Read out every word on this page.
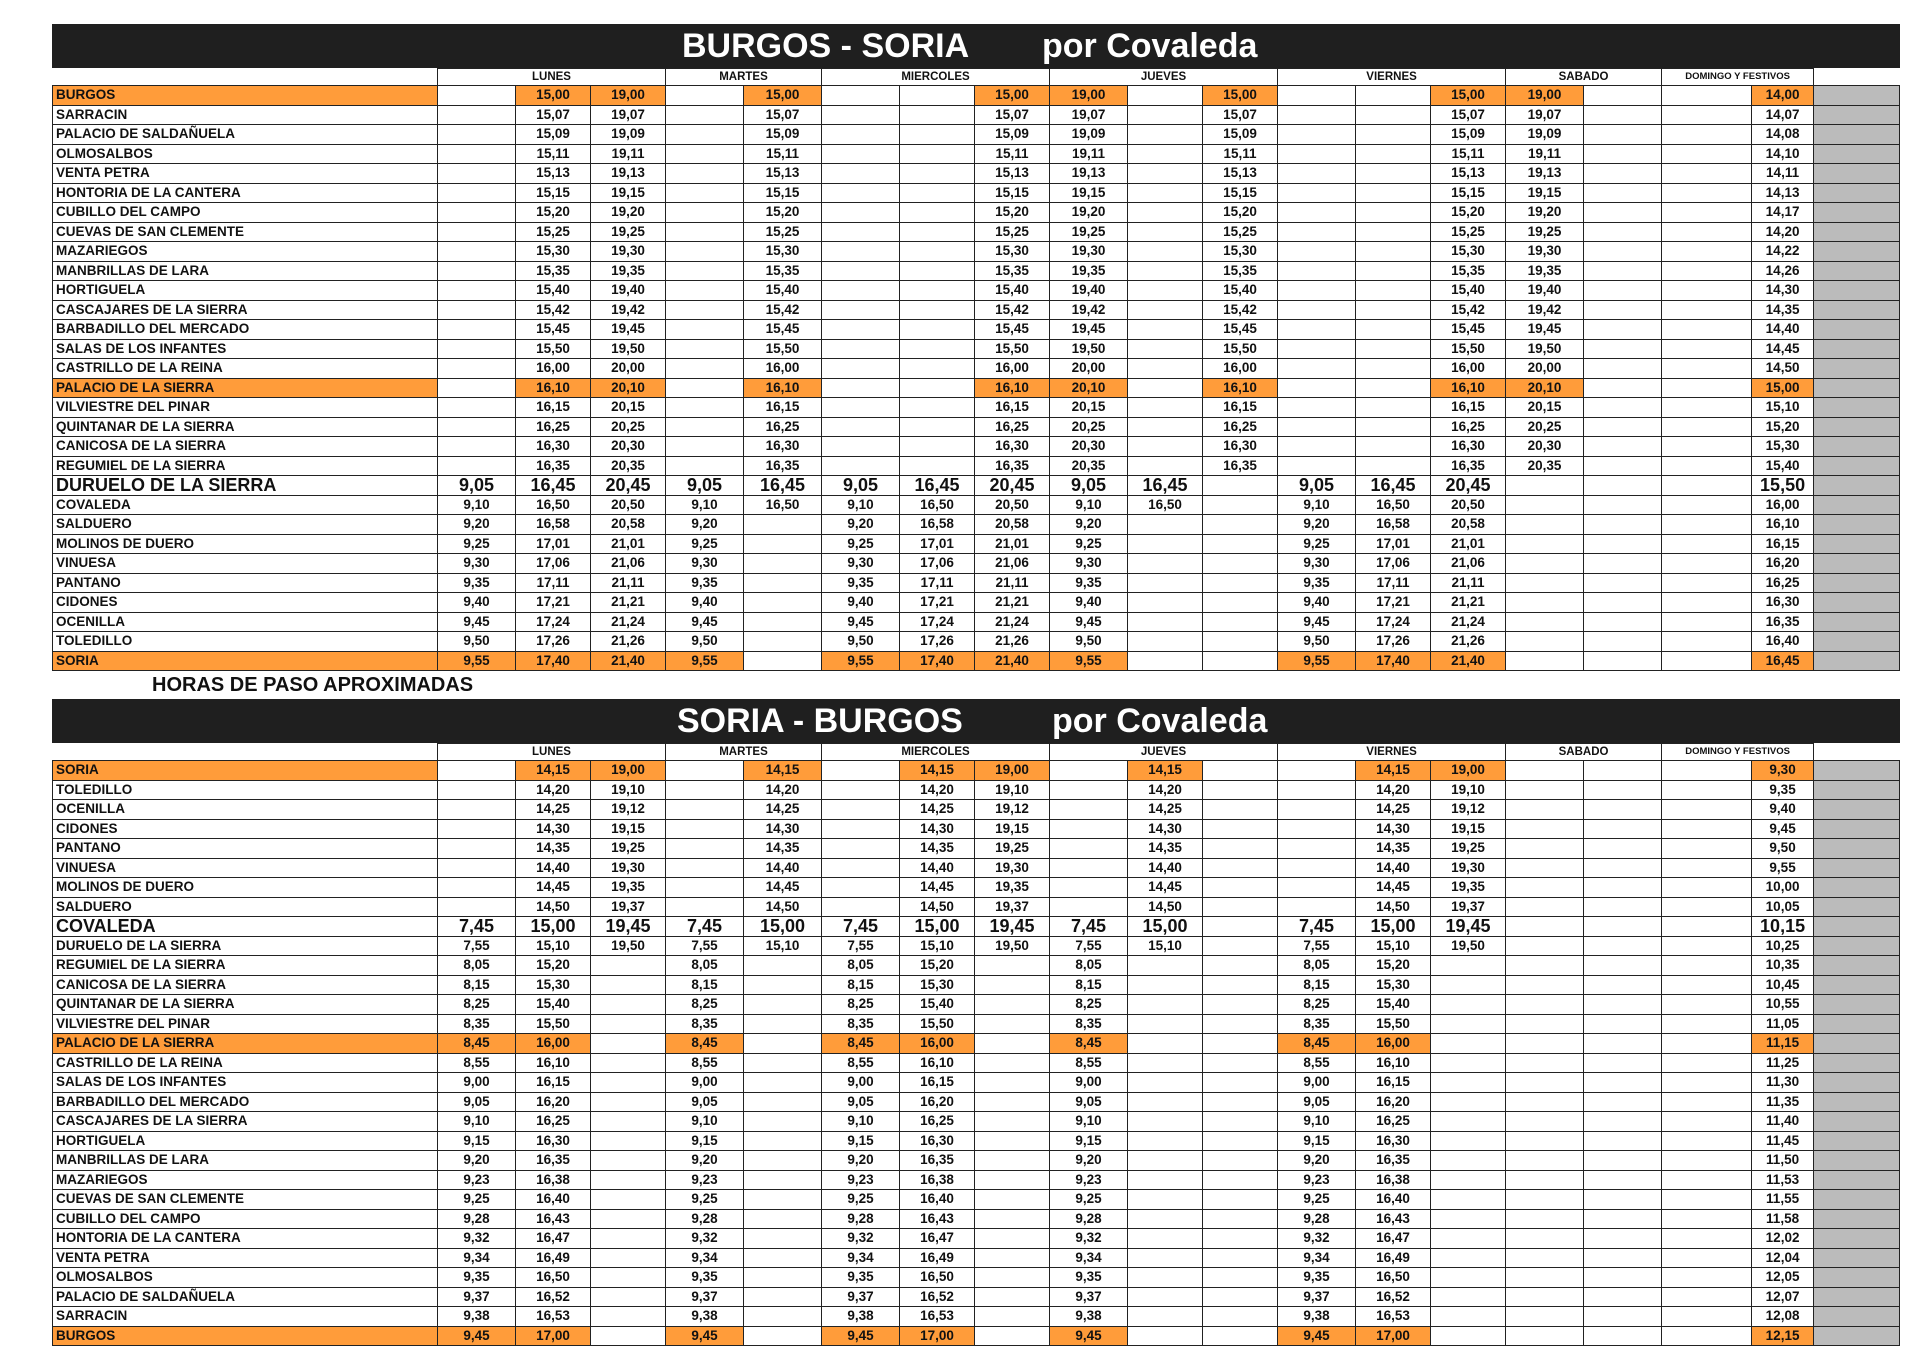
BURGOS - SORIA por Covaleda
	LUNES			MARTES		MIERCOLES			JUEVES			VIERNES			SABADO		DOMINGO Y FESTIVOS		
BURGOS		15,00	19,00		15,00			15,00	19,00		15,00			15,00	19,00			14,00	
SARRACIN		15,07	19,07		15,07			15,07	19,07		15,07			15,07	19,07			14,07	
PALACIO DE SALDAÑUELA		15,09	19,09		15,09			15,09	19,09		15,09			15,09	19,09			14,08	
OLMOSALBOS		15,11	19,11		15,11			15,11	19,11		15,11			15,11	19,11			14,10	
VENTA PETRA		15,13	19,13		15,13			15,13	19,13		15,13			15,13	19,13			14,11	
HONTORIA DE LA CANTERA		15,15	19,15		15,15			15,15	19,15		15,15			15,15	19,15			14,13	
CUBILLO DEL CAMPO		15,20	19,20		15,20			15,20	19,20		15,20			15,20	19,20			14,17	
CUEVAS DE SAN CLEMENTE		15,25	19,25		15,25			15,25	19,25		15,25			15,25	19,25			14,20	
MAZARIEGOS		15,30	19,30		15,30			15,30	19,30		15,30			15,30	19,30			14,22	
MANBRILLAS DE LARA		15,35	19,35		15,35			15,35	19,35		15,35			15,35	19,35			14,26	
HORTIGUELA		15,40	19,40		15,40			15,40	19,40		15,40			15,40	19,40			14,30	
CASCAJARES DE LA SIERRA		15,42	19,42		15,42			15,42	19,42		15,42			15,42	19,42			14,35	
BARBADILLO DEL MERCADO		15,45	19,45		15,45			15,45	19,45		15,45			15,45	19,45			14,40	
SALAS DE LOS INFANTES		15,50	19,50		15,50			15,50	19,50		15,50			15,50	19,50			14,45	
CASTRILLO DE LA REINA		16,00	20,00		16,00			16,00	20,00		16,00			16,00	20,00			14,50	
PALACIO DE LA SIERRA		16,10	20,10		16,10			16,10	20,10		16,10			16,10	20,10			15,00	
VILVIESTRE DEL PINAR		16,15	20,15		16,15			16,15	20,15		16,15			16,15	20,15			15,10	
QUINTANAR DE LA SIERRA		16,25	20,25		16,25			16,25	20,25		16,25			16,25	20,25			15,20	
CANICOSA DE LA SIERRA		16,30	20,30		16,30			16,30	20,30		16,30			16,30	20,30			15,30	
REGUMIEL DE LA SIERRA		16,35	20,35		16,35			16,35	20,35		16,35			16,35	20,35			15,40	
DURUELO DE LA SIERRA	9,05	16,45	20,45	9,05	16,45	9,05	16,45	20,45	9,05	16,45		9,05	16,45	20,45				15,50	
COVALEDA	9,10	16,50	20,50	9,10	16,50	9,10	16,50	20,50	9,10	16,50		9,10	16,50	20,50				16,00	
SALDUERO	9,20	16,58	20,58	9,20		9,20	16,58	20,58	9,20			9,20	16,58	20,58				16,10	
MOLINOS DE DUERO	9,25	17,01	21,01	9,25		9,25	17,01	21,01	9,25			9,25	17,01	21,01				16,15	
VINUESA	9,30	17,06	21,06	9,30		9,30	17,06	21,06	9,30			9,30	17,06	21,06				16,20	
PANTANO	9,35	17,11	21,11	9,35		9,35	17,11	21,11	9,35			9,35	17,11	21,11				16,25	
CIDONES	9,40	17,21	21,21	9,40		9,40	17,21	21,21	9,40			9,40	17,21	21,21				16,30	
OCENILLA	9,45	17,24	21,24	9,45		9,45	17,24	21,24	9,45			9,45	17,24	21,24				16,35	
TOLEDILLO	9,50	17,26	21,26	9,50		9,50	17,26	21,26	9,50			9,50	17,26	21,26				16,40	
SORIA	9,55	17,40	21,40	9,55		9,55	17,40	21,40	9,55			9,55	17,40	21,40				16,45	
HORAS DE PASO APROXIMADAS
SORIA - BURGOS	por Covaleda
	LUNES			MARTES		MIERCOLES			JUEVES			VIERNES			SABADO		DOMINGO Y FESTIVOS		
SORIA		14,15	19,00		14,15		14,15	19,00		14,15			14,15	19,00				9,30	
TOLEDILLO		14,20	19,10		14,20		14,20	19,10		14,20			14,20	19,10				9,35	
OCENILLA		14,25	19,12		14,25		14,25	19,12		14,25			14,25	19,12				9,40	
CIDONES		14,30	19,15		14,30		14,30	19,15		14,30			14,30	19,15				9,45	
PANTANO		14,35	19,25		14,35		14,35	19,25		14,35			14,35	19,25				9,50	
VINUESA		14,40	19,30		14,40		14,40	19,30		14,40			14,40	19,30				9,55	
MOLINOS DE DUERO		14,45	19,35		14,45		14,45	19,35		14,45			14,45	19,35				10,00	
SALDUERO		14,50	19,37		14,50		14,50	19,37		14,50			14,50	19,37				10,05	
COVALEDA	7,45	15,00	19,45	7,45	15,00	7,45	15,00	19,45	7,45	15,00		7,45	15,00	19,45				10,15	
DURUELO DE LA SIERRA	7,55	15,10	19,50	7,55	15,10	7,55	15,10	19,50	7,55	15,10		7,55	15,10	19,50				10,25	
REGUMIEL DE LA SIERRA	8,05	15,20		8,05		8,05	15,20		8,05			8,05	15,20					10,35	
CANICOSA DE LA SIERRA	8,15	15,30		8,15		8,15	15,30		8,15			8,15	15,30					10,45	
QUINTANAR DE LA SIERRA	8,25	15,40		8,25		8,25	15,40		8,25			8,25	15,40					10,55	
VILVIESTRE DEL PINAR	8,35	15,50		8,35		8,35	15,50		8,35			8,35	15,50					11,05	
PALACIO DE LA SIERRA	8,45	16,00		8,45		8,45	16,00		8,45			8,45	16,00					11,15	
CASTRILLO DE LA REINA	8,55	16,10		8,55		8,55	16,10		8,55			8,55	16,10					11,25	
SALAS DE LOS INFANTES	9,00	16,15		9,00		9,00	16,15		9,00			9,00	16,15					11,30	
BARBADILLO DEL MERCADO	9,05	16,20		9,05		9,05	16,20		9,05			9,05	16,20					11,35	
CASCAJARES DE LA SIERRA	9,10	16,25		9,10		9,10	16,25		9,10			9,10	16,25					11,40	
HORTIGUELA	9,15	16,30		9,15		9,15	16,30		9,15			9,15	16,30					11,45	
MANBRILLAS DE LARA	9,20	16,35		9,20		9,20	16,35		9,20			9,20	16,35					11,50	
MAZARIEGOS	9,23	16,38		9,23		9,23	16,38		9,23			9,23	16,38					11,53	
CUEVAS DE SAN CLEMENTE	9,25	16,40		9,25		9,25	16,40		9,25			9,25	16,40					11,55	
CUBILLO DEL CAMPO	9,28	16,43		9,28		9,28	16,43		9,28			9,28	16,43					11,58	
HONTORIA DE LA CANTERA	9,32	16,47		9,32		9,32	16,47		9,32			9,32	16,47					12,02	
VENTA PETRA	9,34	16,49		9,34		9,34	16,49		9,34			9,34	16,49					12,04	
OLMOSALBOS	9,35	16,50		9,35		9,35	16,50		9,35			9,35	16,50					12,05	
PALACIO DE SALDAÑUELA	9,37	16,52		9,37		9,37	16,52		9,37			9,37	16,52					12,07	
SARRACIN	9,38	16,53		9,38		9,38	16,53		9,38			9,38	16,53					12,08	
BURGOS	9,45	17,00		9,45		9,45	17,00		9,45			9,45	17,00					12,15	
